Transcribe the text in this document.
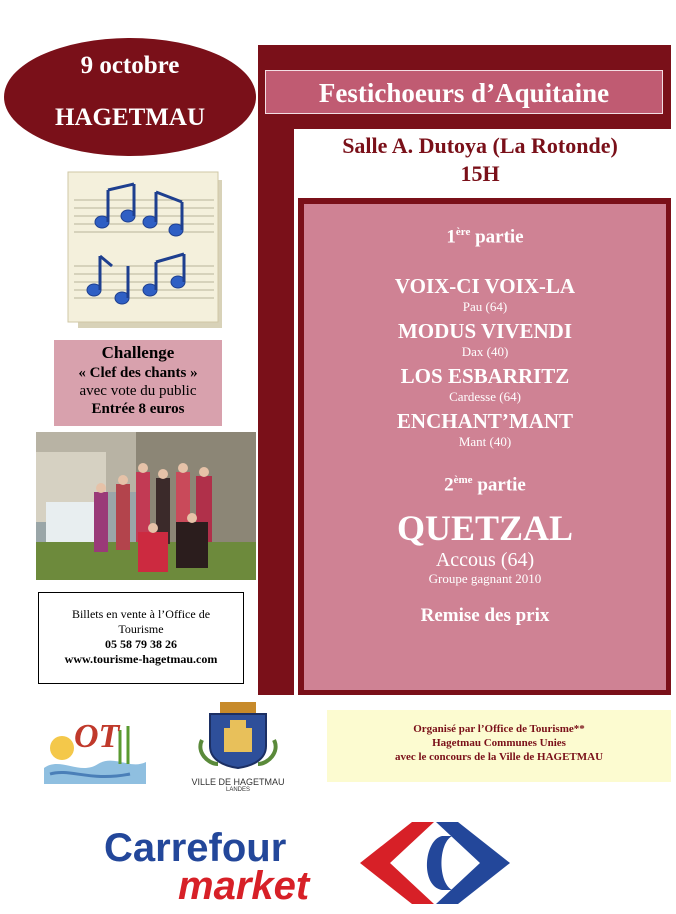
9 octobre
HAGETMAU
Festichoeurs d’Aquitaine
Salle A. Dutoya (La Rotonde)
15H
1ère partie
VOIX-CI VOIX-LA
Pau (64)
MODUS VIVENDI
Dax (40)
LOS ESBARRITZ
Cardesse (64)
ENCHANT’MANT
Mant (40)
2ème partie
QUETZAL
Accous (64)
Groupe gagnant 2010
Remise des prix
Challenge
« Clef des chants »
avec vote du public
Entrée 8 euros
Billets en vente à l’Office de
Tourisme
05 58 79 38 26
www.tourisme-hagetmau.com
OT
VILLE DE HAGETMAU
LANDES
Organisé par l’Office de Tourisme**
Hagetmau Communes Unies
avec le concours de la Ville de HAGETMAU
Carrefour
market
